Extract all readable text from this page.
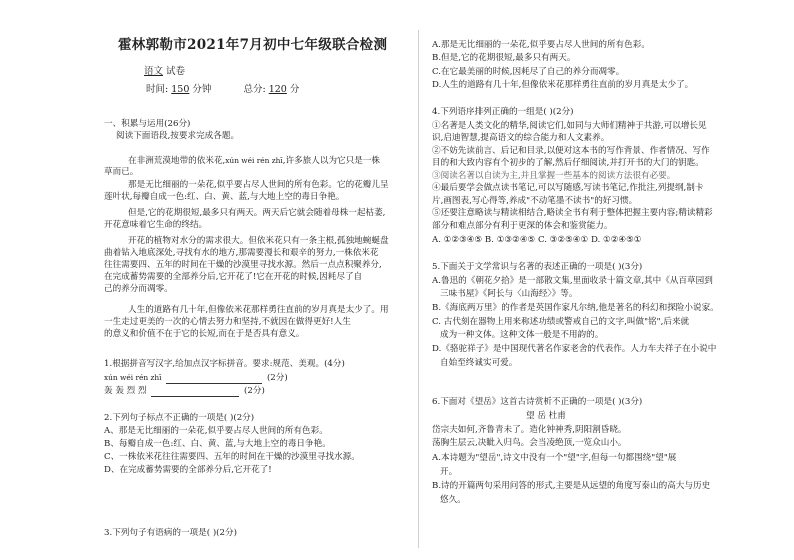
霍林郭勒市2021年7月初中七年级联合检测
语文 试卷
时间: 150 分钟	总分: 120 分
一、积累与运用(26分)
阅读下面语段,按要求完成各题。
在非洲荒漠地带的依米花,xún wéi rén zhī,许多旅人以为它只是一株
草而已。
那是无比细丽的一朵花,似乎要占尽人世间的所有色彩。它的花瓣儿呈
莲叶状,每瓣自成一色:红、白、黄、蓝,与大地上空的毒日争艳。
但是,它的花期很短,最多只有两天。两天后它就会随着母株一起枯萎,
开花意味着它生命的终结。
开花的植物对水分的需求很大。但依米花只有一条主根,孤独地蜿蜒盘
曲着钻入地底深处,寻找有水的地方,那需要漫长和艰辛的努力,一株依米花
往往需要四、五年的时间在干燥的沙漠里寻找水源。然后一点点积聚养分,
在完成蓄势需要的全部养分后,它开花了!它在开花的时候,因耗尽了自
己的养分而凋零。
人生的道路有几十年,但像依米花那样勇往直前的岁月真是太少了。用
一生走过更美的一次的心情去努力和坚持,不就因在做得更好!人生
的意义和价值不在于它的长短,而在于是否具有意义。
1.根据拼音写汉字,给加点汉字标拼音。要求:规范、美观。(4分)
xún wéi rén zhī	(2分)
轰 轰 烈 烈	(2分)
2.下列句子标点不正确的一项是( )(2分)
A、那是无比细丽的一朵花,似乎要占尽人世间的所有色彩。
B、每瓣自成一色:红、白、黄、蓝,与大地上空的毒日争艳。
C、一株依米花往往需要四、五年的时间在干燥的沙漠里寻找水源。
D、在完成蓄势需要的全部养分后,它开花了!
3.下列句子有语病的一项是( )(2分)
A.那是无比细丽的一朵花,似乎要占尽人世间的所有色彩。
B.但是,它的花期很短,最多只有两天。
C.在它最美丽的时候,因耗尽了自己的养分而凋零。
D.人生的道路有几十年,但像依米花那样勇往直前的岁月真是太少了。
4.下列语序排列正确的一组是( )(2分)
①名著是人类文化的精华,阅读它们,如同与大师们精神于共游,可以增长见
识,启迪智慧,提高语文的综合能力和人文素养。
②不妨先读前言、后记和目录,以便对这本书的写作背景、作者情况、写作
目的和大致内容有个初步的了解,然后仔细阅读,并打开书的大门的钥匙。
③阅读名著以自读为主,并且掌握一些基本的阅读方法很有必要。
④最后要学会做点读书笔记,可以写随感,写读书笔记,作批注,列提纲,制卡
片,画图表,写心得等,养成"不动笔墨不读书"的好习惯。
⑤还要注意略读与精读相结合,略读全书有利于整体把握主要内容;精读精彩
部分和难点部分有利于更深的体会和鉴赏能力。
A. ①②③④⑤ B. ①③②④⑤ C. ③②⑤④① D. ①②④⑤①
5.下面关于文学常识与名著的表述正确的一项是( )(3分)
A.鲁迅的《朝花夕拾》是一部散文集,里面收录十篇文章,其中《从百草园到
三味书屋》《阿长与〈山海经〉》等。
B.《海底两万里》的作者是英国作家凡尔纳,他是著名的科幻和探险小说家。
C. 古代刻在器物上用来称述功绩或警戒自己的文字,叫做"铭",后来就
成为一种文体。这种文体一般是不用韵的。
D.《骆驼祥子》是中国现代著名作家老舍的代表作。人力车夫祥子在小说中
自始至终诚实可爱。
6.下面对《望岳》这首古诗赏析不正确的一项是( )(3分)
望 岳 杜甫
岱宗夫如何,齐鲁青未了。造化钟神秀,阴阳割昏晓。
荡胸生层云,决眦入归鸟。会当凌绝顶,一览众山小。
A.本诗题为"望岳",诗文中没有一个"望"字,但每一句都围绕"望"展
开。
B.诗的开篇两句采用问答的形式,主要是从远望的角度写泰山的高大与历史
悠久。
